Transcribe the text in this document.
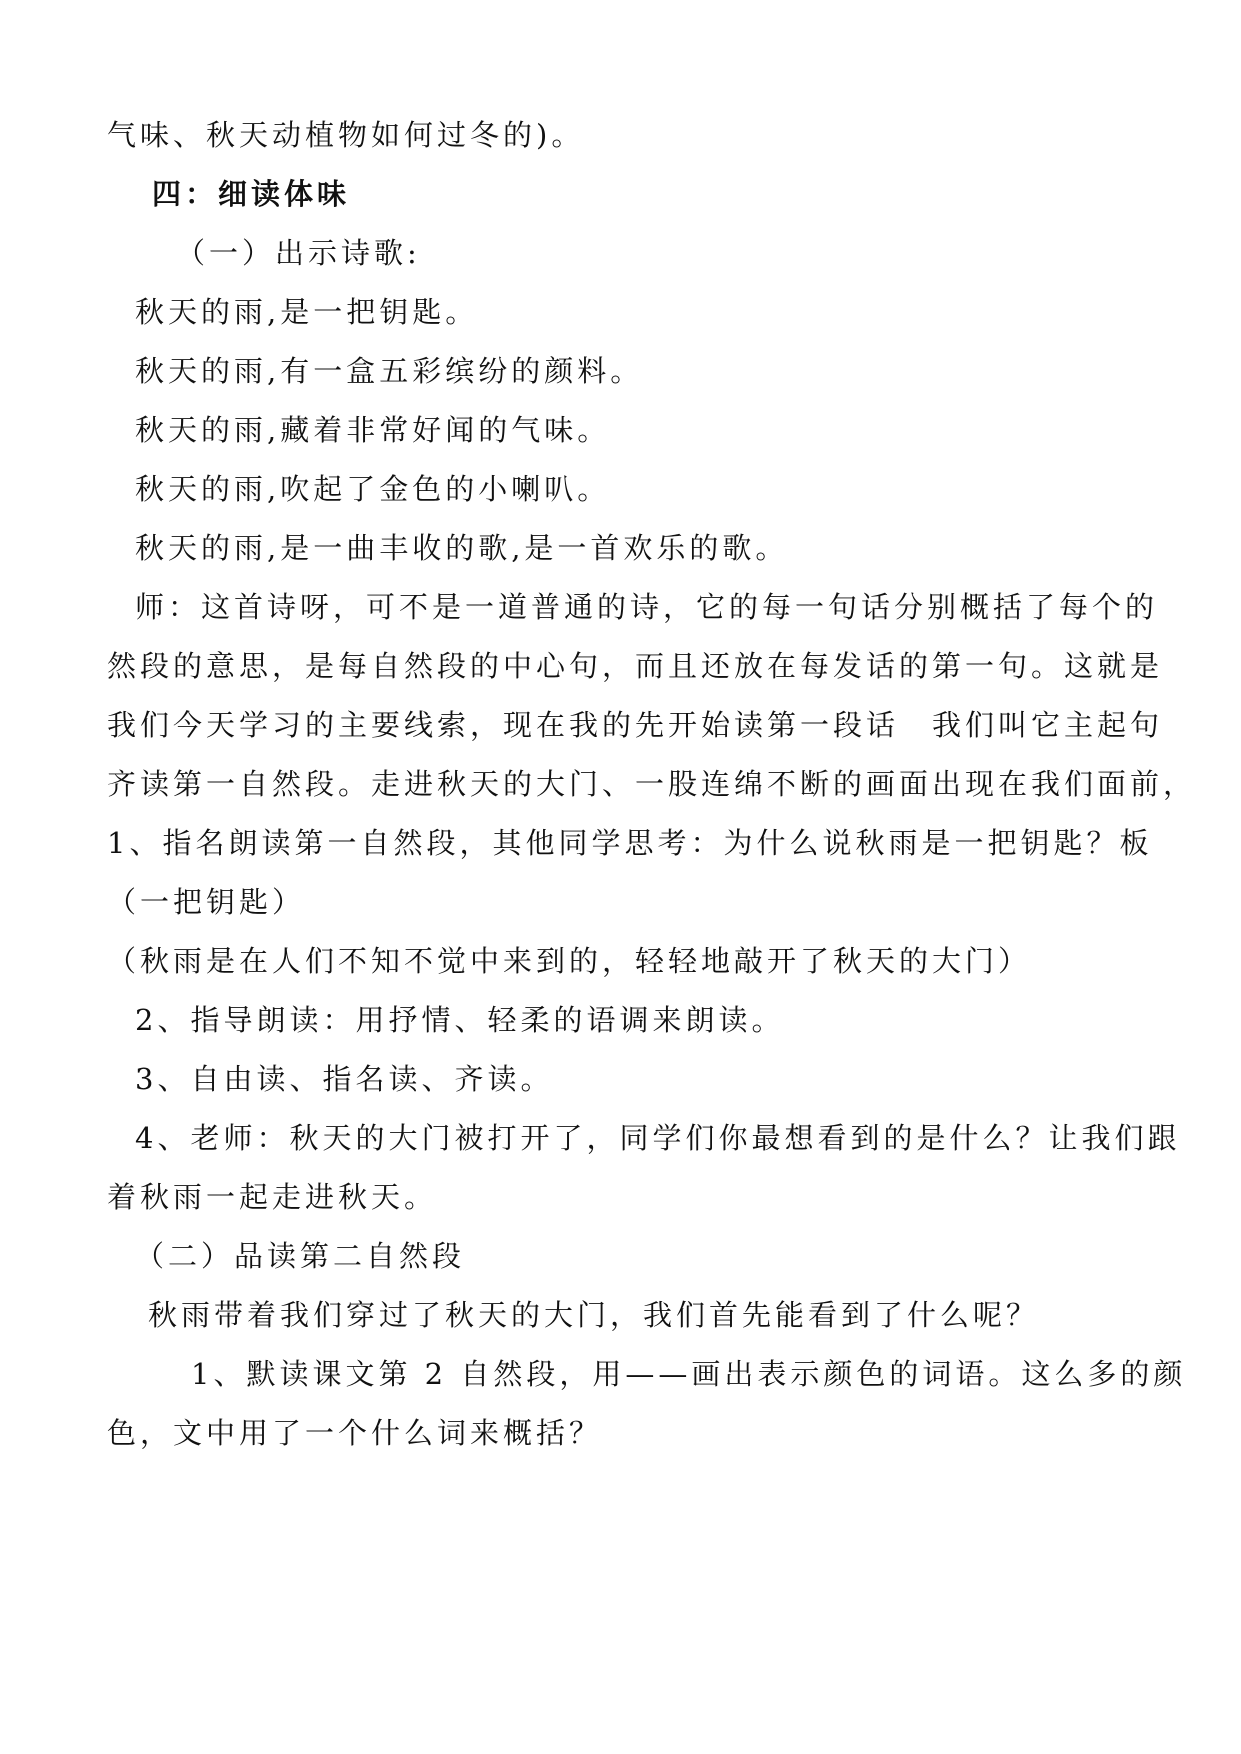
气味、秋天动植物如何过冬的)。
四：细读体味
（一）出示诗歌:
秋天的雨,是一把钥匙。
秋天的雨,有一盒五彩缤纷的颜料。
秋天的雨,藏着非常好闻的气味。
秋天的雨,吹起了金色的小喇叭。
秋天的雨,是一曲丰收的歌,是一首欢乐的歌。
师：这首诗呀，可不是一道普通的诗，它的每一句话分别概括了每个的
然段的意思，是每自然段的中心句，而且还放在每发话的第一句。这就是
我们今天学习的主要线索，现在我的先开始读第一段话　我们叫它主起句
齐读第一自然段。走进秋天的大门、一股连绵不断的画面出现在我们面前，
1、指名朗读第一自然段，其他同学思考：为什么说秋雨是一把钥匙？板
（一把钥匙）
（秋雨是在人们不知不觉中来到的，轻轻地敲开了秋天的大门）
2、指导朗读：用抒情、轻柔的语调来朗读。
3、自由读、指名读、齐读。
4、老师：秋天的大门被打开了，同学们你最想看到的是什么？让我们跟
着秋雨一起走进秋天。
（二）品读第二自然段
秋雨带着我们穿过了秋天的大门，我们首先能看到了什么呢？
1、默读课文第 2 自然段，用——画出表示颜色的词语。这么多的颜
色，文中用了一个什么词来概括？
